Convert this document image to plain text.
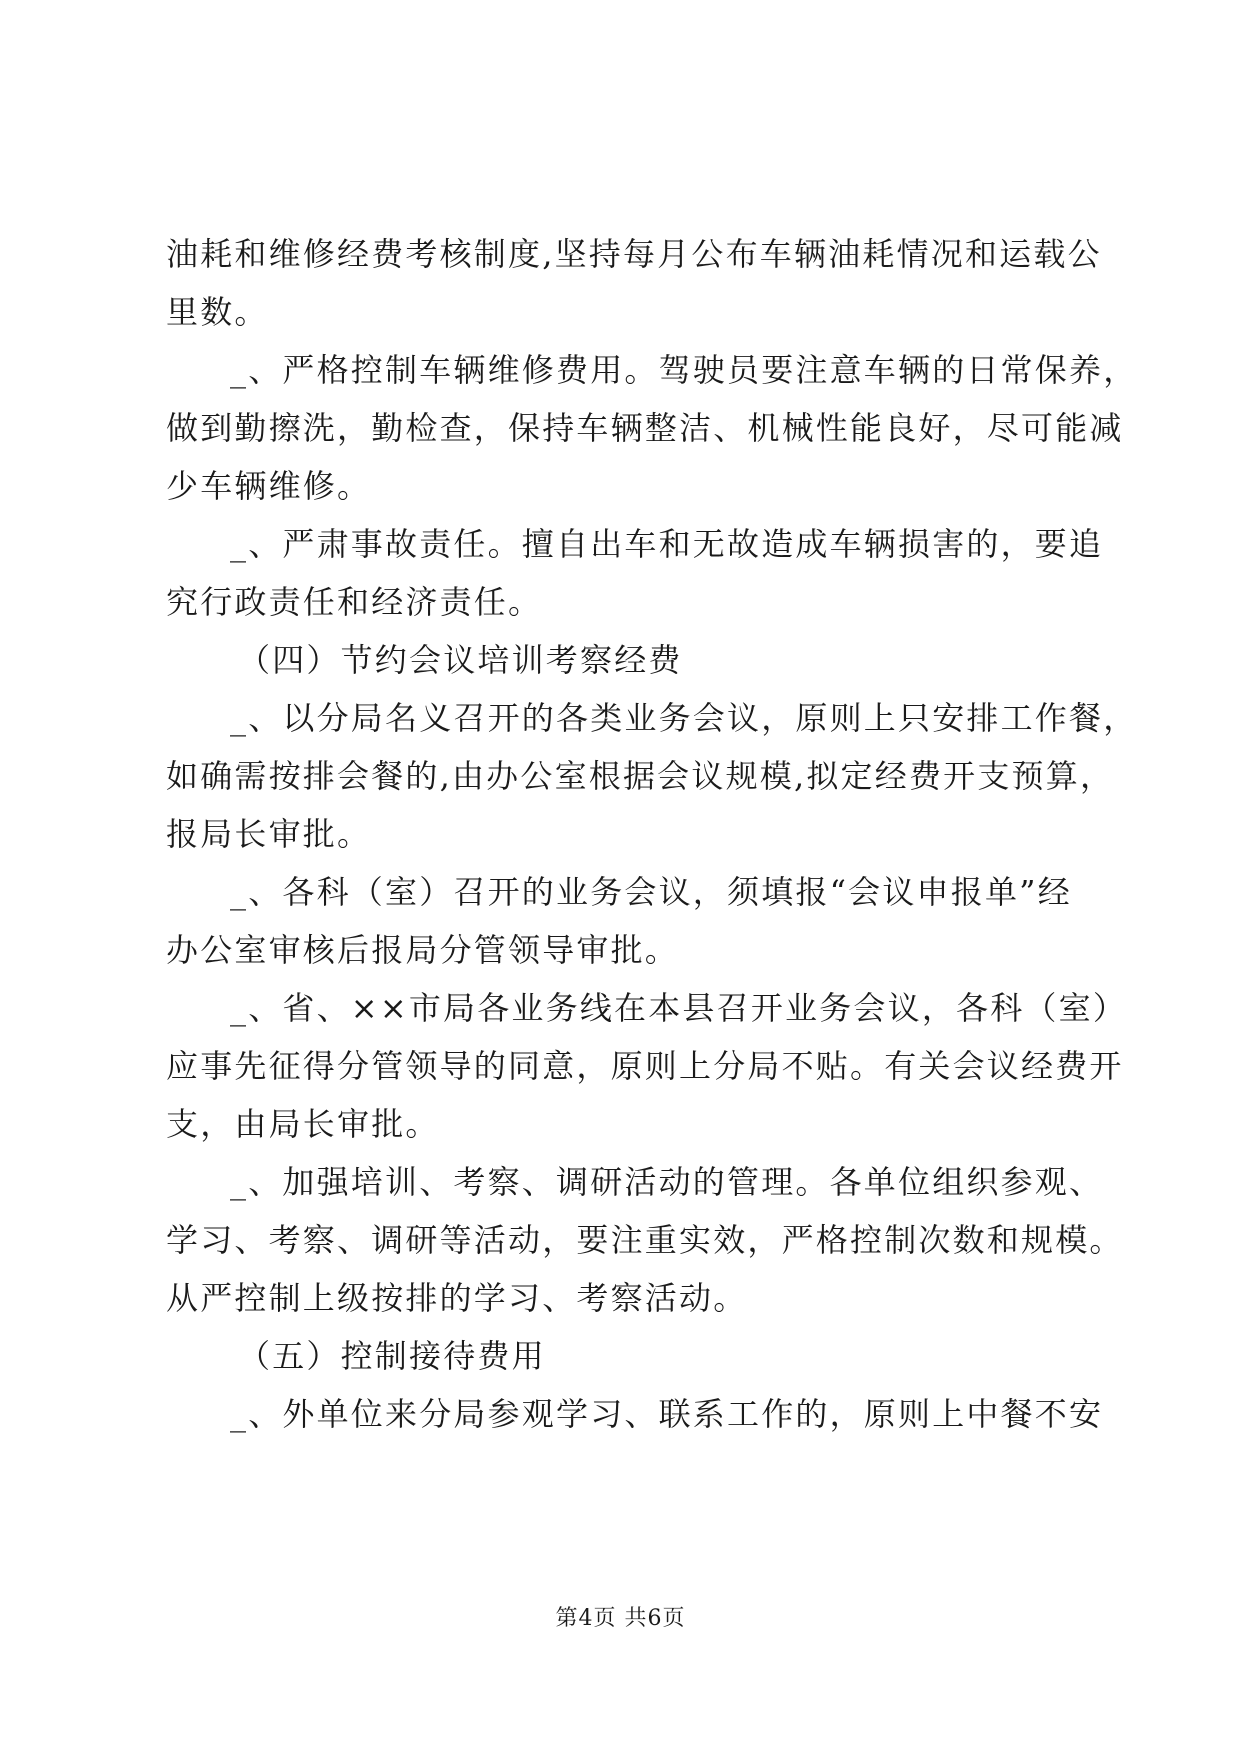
油耗和维修经费考核制度,坚持每月公布车辆油耗情况和运载公
里数。
_、严格控制车辆维修费用。驾驶员要注意车辆的日常保养，
做到勤擦洗，勤检查，保持车辆整洁、机械性能良好，尽可能减
少车辆维修。
_、严肃事故责任。擅自出车和无故造成车辆损害的，要追
究行政责任和经济责任。
（四）节约会议培训考察经费
_、以分局名义召开的各类业务会议，原则上只安排工作餐，
如确需按排会餐的,由办公室根据会议规模,拟定经费开支预算，
报局长审批。
_、各科（室）召开的业务会议，须填报“会议申报单”经
办公室审核后报局分管领导审批。
_、省、××市局各业务线在本县召开业务会议，各科（室）
应事先征得分管领导的同意，原则上分局不贴。有关会议经费开
支，由局长审批。
_、加强培训、考察、调研活动的管理。各单位组织参观、
学习、考察、调研等活动，要注重实效，严格控制次数和规模。
从严控制上级按排的学习、考察活动。
（五）控制接待费用
_、外单位来分局参观学习、联系工作的，原则上中餐不安
第4页 共6页
